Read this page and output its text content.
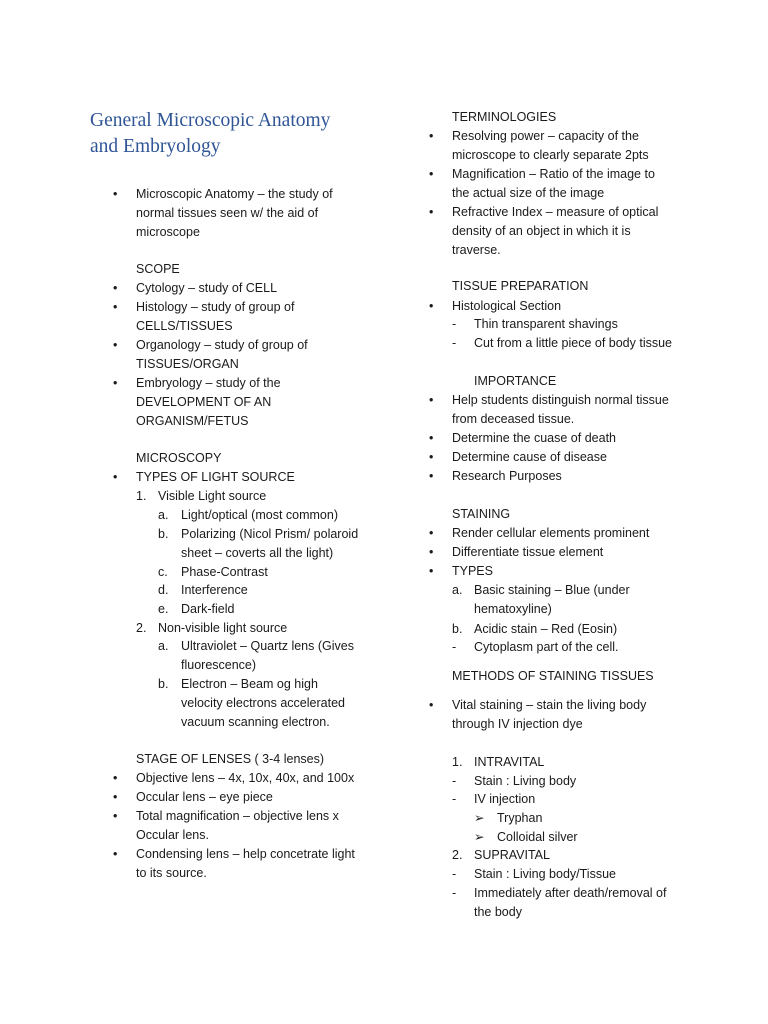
General Microscopic Anatomy
and Embryology
• Microscopic Anatomy – the study of
normal tissues seen w/ the aid of
microscope
SCOPE
• Cytology – study of CELL
• Histology – study of group of
CELLS/TISSUES
• Organology – study of group of
TISSUES/ORGAN
• Embryology – study of the
DEVELOPMENT OF AN
ORGANISM/FETUS
MICROSCOPY
• TYPES OF LIGHT SOURCE
1. Visible Light source
a. Light/optical (most common)
b. Polarizing (Nicol Prism/ polaroid
sheet – coverts all the light)
c. Phase-Contrast
d. Interference
e. Dark-field
2. Non-visible light source
a. Ultraviolet – Quartz lens (Gives
fluorescence)
b. Electron – Beam og high
velocity electrons accelerated
vacuum scanning electron.
STAGE OF LENSES ( 3-4 lenses)
• Objective lens – 4x, 10x, 40x, and 100x
• Occular lens – eye piece
• Total magnification – objective lens x
Occular lens.
• Condensing lens – help concetrate light
to its source.
TERMINOLOGIES
• Resolving power – capacity of the
microscope to clearly separate 2pts
• Magnification – Ratio of the image to
the actual size of the image
• Refractive Index – measure of optical
density of an object in which it is
traverse.
TISSUE PREPARATION
• Histological Section
- Thin transparent shavings
- Cut from a little piece of body tissue
IMPORTANCE
• Help students distinguish normal tissue
from deceased tissue.
• Determine the cuase of death
• Determine cause of disease
• Research Purposes
STAINING
• Render cellular elements prominent
• Differentiate tissue element
• TYPES
a. Basic staining – Blue (under
hematoxyline)
b. Acidic stain – Red (Eosin)
- Cytoplasm part of the cell.
METHODS OF STAINING TISSUES
• Vital staining – stain the living body
through IV injection dye
1. INTRAVITAL
- Stain : Living body
- IV injection
➢ Tryphan
➢ Colloidal silver
2. SUPRAVITAL
- Stain : Living body/Tissue
- Immediately after death/removal of
the body
